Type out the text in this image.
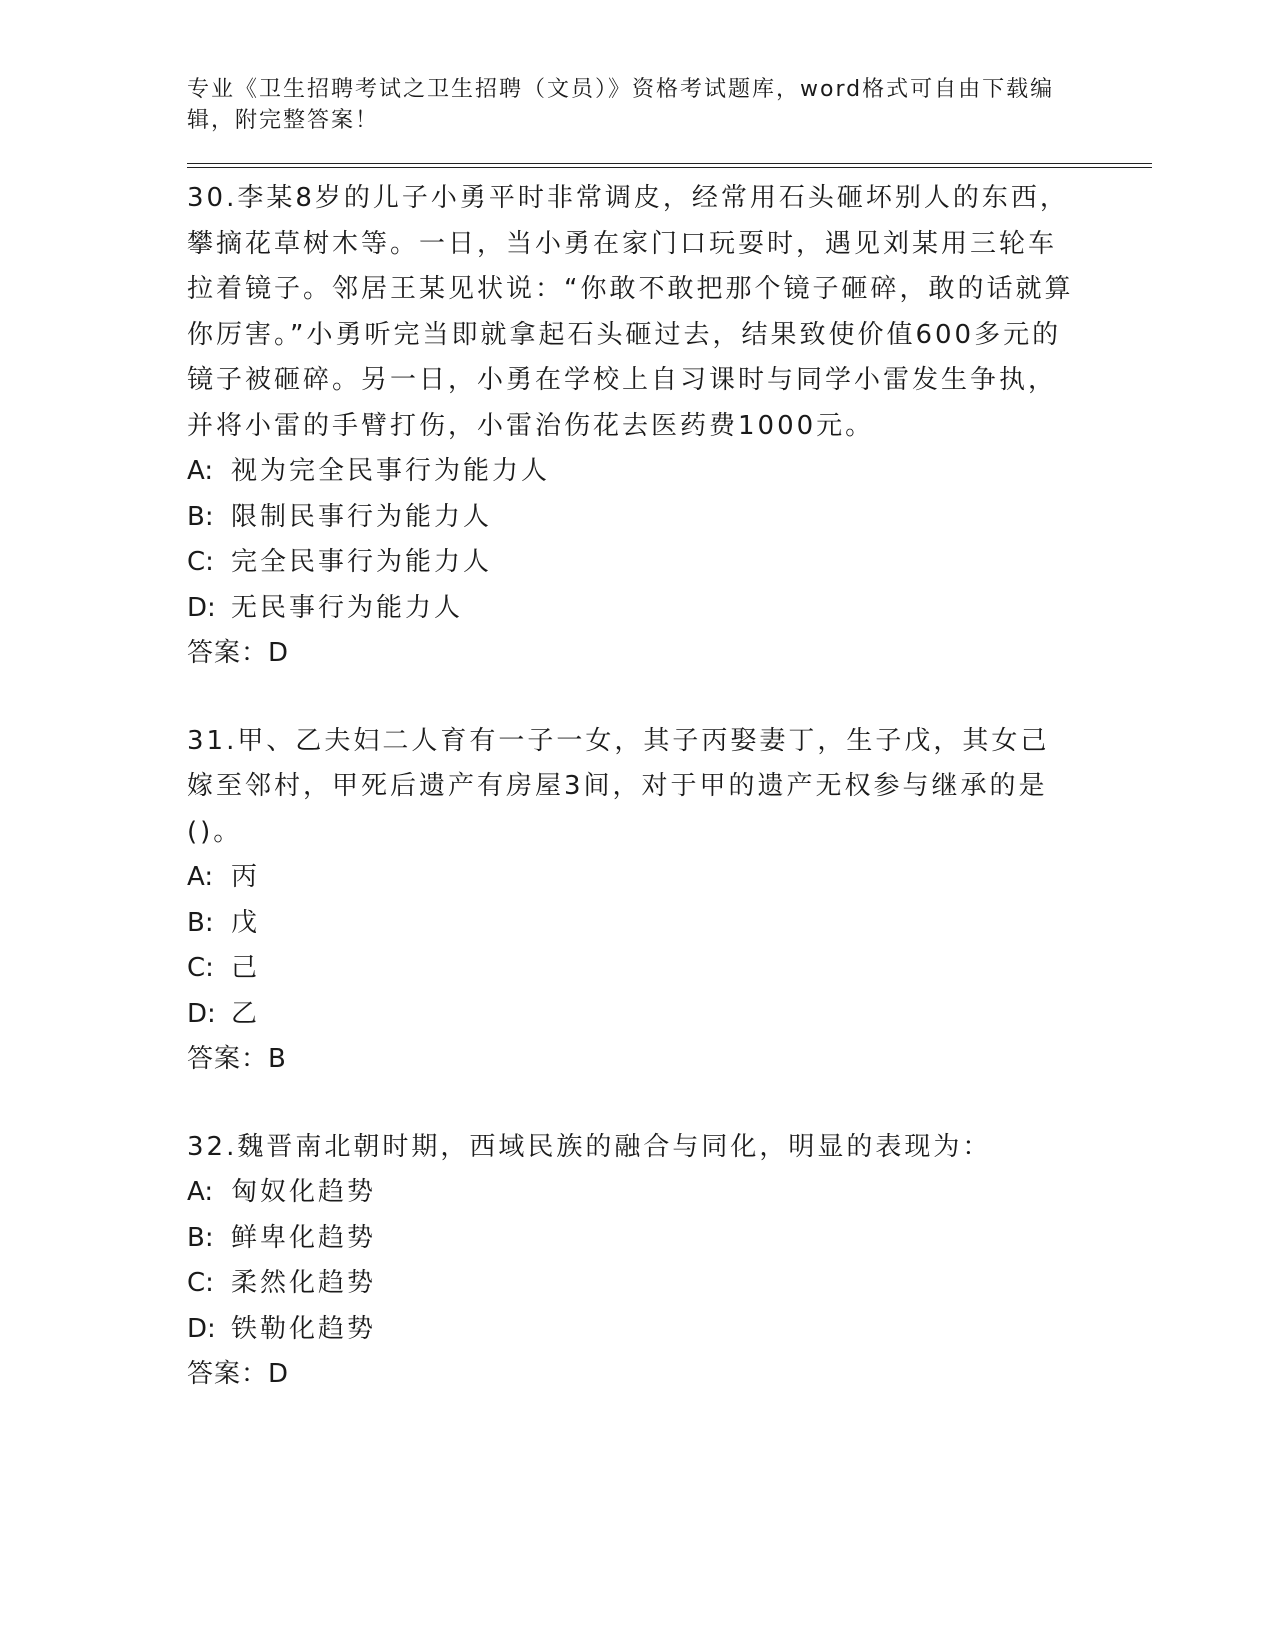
专业《卫生招聘考试之卫生招聘（文员）》资格考试题库，word格式可自由下载编辑，附完整答案！

30.李某8岁的儿子小勇平时非常调皮，经常用石头砸坏别人的东西，攀摘花草树木等。一日，当小勇在家门口玩耍时，遇见刘某用三轮车拉着镜子。邻居王某见状说：“你敢不敢把那个镜子砸碎，敢的话就算你厉害。”小勇听完当即就拿起石头砸过去，结果致使价值600多元的镜子被砸碎。另一日，小勇在学校上自习课时与同学小雷发生争执，并将小雷的手臂打伤，小雷治伤花去医药费1000元。

A: 视为完全民事行为能力人

B: 限制民事行为能力人

C: 完全民事行为能力人

D: 无民事行为能力人

答案：D

31.甲、乙夫妇二人育有一子一女，其子丙娶妻丁，生子戊，其女己嫁至邻村，甲死后遗产有房屋3间，对于甲的遗产无权参与继承的是()。

A: 丙

B: 戊

C: 己

D: 乙

答案：B

32.魏晋南北朝时期，西域民族的融合与同化，明显的表现为：

A: 匈奴化趋势

B: 鲜卑化趋势

C: 柔然化趋势

D: 铁勒化趋势

答案：D
